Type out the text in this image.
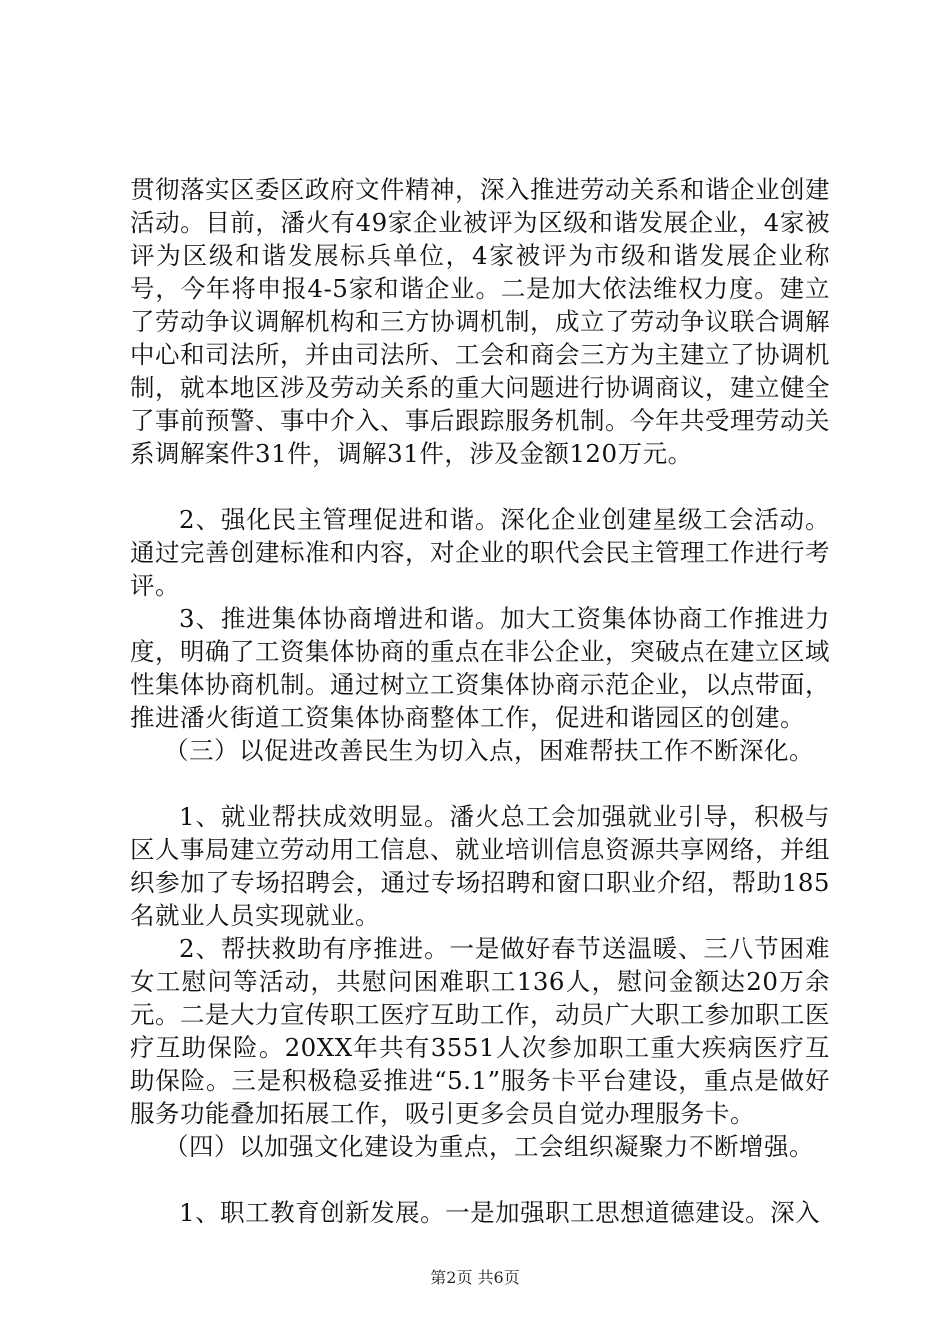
贯彻落实区委区政府文件精神，深入推进劳动关系和谐企业创建活动。目前，潘火有49家企业被评为区级和谐发展企业，4家被评为区级和谐发展标兵单位，4家被评为市级和谐发展企业称号，今年将申报4-5家和谐企业。二是加大依法维权力度。建立了劳动争议调解机构和三方协调机制，成立了劳动争议联合调解中心和司法所，并由司法所、工会和商会三方为主建立了协调机制，就本地区涉及劳动关系的重大问题进行协调商议，建立健全了事前预警、事中介入、事后跟踪服务机制。今年共受理劳动关系调解案件31件，调解31件，涉及金额120万元。

2、强化民主管理促进和谐。深化企业创建星级工会活动。通过完善创建标准和内容，对企业的职代会民主管理工作进行考评。

3、推进集体协商增进和谐。加大工资集体协商工作推进力度，明确了工资集体协商的重点在非公企业，突破点在建立区域性集体协商机制。通过树立工资集体协商示范企业，以点带面，推进潘火街道工资集体协商整体工作，促进和谐园区的创建。

（三）以促进改善民生为切入点，困难帮扶工作不断深化。

1、就业帮扶成效明显。潘火总工会加强就业引导，积极与区人事局建立劳动用工信息、就业培训信息资源共享网络，并组织参加了专场招聘会，通过专场招聘和窗口职业介绍，帮助185名就业人员实现就业。

2、帮扶救助有序推进。一是做好春节送温暖、三八节困难女工慰问等活动，共慰问困难职工136人，慰问金额达20万余元。二是大力宣传职工医疗互助工作，动员广大职工参加职工医疗互助保险。20XX年共有3551人次参加职工重大疾病医疗互助保险。三是积极稳妥推进“5.1”服务卡平台建设，重点是做好服务功能叠加拓展工作，吸引更多会员自觉办理服务卡。

（四）以加强文化建设为重点，工会组织凝聚力不断增强。

1、职工教育创新发展。一是加强职工思想道德建设。深入

第2页 共6页
